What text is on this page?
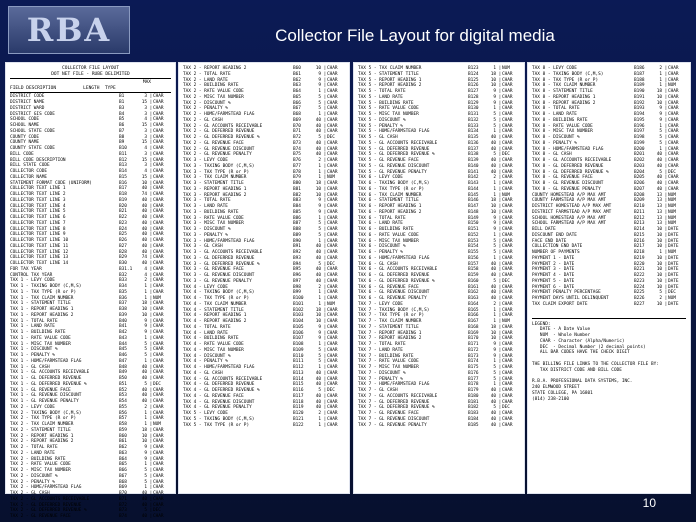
RBA	Collector File Layout for digital media
COLLECTOR FILE LAYOUT
DOT NET FILE - RUBE DELIMITED
MAX
FIELD DESCRIPTION          LENGTH  TYPE
DISTRICT CODE	B1	3 | CHAR
DISTRICT NAME	B1	15 | CHAR
DISTRICT WARD	B3	3 | CHAR
DISTRICT GIS CODE	B4	3 | CHAR
SCHOOL CODE	B5	4 | CHAR
SCHOOL NAME	B6	15 | CHAR
SCHOOL STATE CODE	B7	3 | CHAR
COUNTY CODE	B8	3 | CHAR
COUNTY NAME	B9	15 | CHAR
COUNTY STATE CODE	B10	4 | CHAR
BILL CODE	B11	3 | CHAR
BILL CODE DESCRIPTION	B12	15 | CHAR
BILL STATE CODE	B13	3 | CHAR
COLLECTOR CODE	B14	4 | CHAR
COLLECTOR NAME	B15	15 | CHAR
STATEMENT FORMAT CODE (UNIFORM)	B16	10 | CHAR
COLLECTOR TEXT LINE 1	B17	40 | CHAR
COLLECTOR TEXT LINE 2	B18	74 | CHAR
COLLECTOR TEXT LINE 3	B19	40 | CHAR
COLLECTOR TEXT LINE 4	B20	40 | CHAR
COLLECTOR TEXT LINE 5	B21	40 | CHAR
COLLECTOR TEXT LINE 6	B22	40 | CHAR
COLLECTOR TEXT LINE 7	B23	40 | CHAR
COLLECTOR TEXT LINE 8	B24	40 | CHAR
COLLECTOR TEXT LINE 9	B25	40 | CHAR
COLLECTOR TEXT LINE 10	B26	40 | CHAR
COLLECTOR TEXT LINE 11	B27	40 | CHAR
COLLECTOR TEXT LINE 12	B28	40 | CHAR
COLLECTOR TEXT LINE 13	B29	74 | CHAR
COLLECTOR TEXT LINE 14	B30	40 | CHAR
FOR TAX YEAR	B31.1	4 | CHAR
CONTROL TAX YEAR	B32	4 | CHAR
TAX 1 - LEVY CODE	B33	2 | CHAR
TAX 1 - TAXING BODY (C,M,S)	B34	1 | CHAR
TAX 1 - TAX TYPE (R or P)	B35	1 | CHAR
TAX 1 - TAX CLAIM NUMBER	B36	1 | NUM
TAX 1 - STATEMENT TITLE	B37	18 | CHAR
TAX 1 - REPORT HEADING 1	B38	10 | CHAR
TAX 1 - REPORT HEADING 2	B39	10 | CHAR
TAX 1 - TOTAL RATE	B40	9 | CHAR
TAX 1 - LAND RATE	B41	9 | CHAR
TAX 1 - BUILDING RATE	B42	9 | CHAR
TAX 1 - RATE VALUE CODE	B43	1 | CHAR
TAX 1 - MISC TAX NUMBER	B44	5 | CHAR
TAX 1 - DISCOUNT %	B45	5 | CHAR
TAX 1 - PENALTY %	B46	5 | CHAR
TAX 1 - HOME/FARMSTEAD FLAG	B47	1 | CHAR
TAX 1 - GL CASH	B48	40 | CHAR
TAX 1 - GL ACCOUNTS RECEIVABLE	B49	40 | CHAR
TAX 1 - GL DEFERRED REVENUE	B50	40 | CHAR
TAX 1 - GL DEFERRED REVENUE %	B51	5 | DEC
TAX 1 - GL REVENUE FACE	B52	40 | CHAR
TAX 1 - GL REVENUE DISCOUNT	B53	40 | CHAR
TAX 1 - GL REVENUE PENALTY	B54	40 | CHAR
TAX 2 - LEVY CODE	B55	2 | CHAR
TAX 2 - TAXING BODY (C,M,S)	B56	1 | CHAR
TAX 2 - TAX TYPE (R or P)	B57	1 | CHAR
TAX 2 - TAX CLAIM NUMBER	B58	1 | NUM
TAX 2 - STATEMENT TITLE	B59	18 | CHAR
TAX 2 - REPORT HEADING 1	B60	10 | CHAR
TAX 2 - REPORT HEADING 2	B61	10 | CHAR
TAX 2 - TOTAL RATE	B62	9 | CHAR
TAX 2 - LAND RATE	B63	9 | CHAR
TAX 2 - BUILDING RATE	B64	9 | CHAR
TAX 2 - RATE VALUE CODE	B65	1 | CHAR
TAX 2 - MISC TAX NUMBER	B66	5 | CHAR
TAX 2 - DISCOUNT %	B67	5 | CHAR
TAX 2 - PENALTY %	B68	5 | CHAR
TAX 2 - HOME/FARMSTEAD FLAG	B69	1 | CHAR
TAX 2 - GL CASH	B70	40 | CHAR
TAX 2 - GL ACCOUNTS RECEIVABLE	B71	40 | CHAR
TAX 2 - GL DEFERRED REVENUE	B72	40 | CHAR
TAX 2 - GL DEFERRED REVENUE %	B73	5 | DEC
TAX 2 - GL REVENUE FACE	B74	40 | CHAR
TAX 2 - REPORT HEADING 2	B60	10 | CHAR
TAX 2 - TOTAL RATE	B61	9 | CHAR
TAX 2 - LAND RATE	B62	9 | CHAR
TAX 2 - BUILDING RATE	B63	9 | CHAR
TAX 2 - RATE VALUE CODE	B64	1 | CHAR
TAX 2 - MISC TAX NUMBER	B65	5 | CHAR
TAX 2 - DISCOUNT %	B66	5 | CHAR
TAX 2 - PENALTY %	B67	5 | CHAR
TAX 2 - HOME/FARMSTEAD FLAG	B68	1 | CHAR
TAX 2 - GL CASH	B69	40 | CHAR
TAX 2 - GL ACCOUNTS RECEIVABLE	B70	40 | CHAR
TAX 2 - GL DEFERRED REVENUE	B71	40 | CHAR
TAX 2 - GL DEFERRED REVENUE %	B72	5 | DEC
TAX 2 - GL REVENUE FACE	B73	40 | CHAR
TAX 2 - GL REVENUE DISCOUNT	B74	40 | CHAR
TAX 2 - GL REVENUE PENALTY	B75	40 | CHAR
TAX 3 - LEVY CODE	B76	2 | CHAR
TAX 3 - TAXING BODY (C,M,S)	B77	1 | CHAR
TAX 3 - TAX TYPE (R or P)	B78	1 | CHAR
TAX 3 - TAX CLAIM NUMBER	B79	1 | NUM
TAX 3 - STATEMENT TITLE	B80	18 | CHAR
TAX 3 - REPORT HEADING 1	B81	10 | CHAR
TAX 3 - REPORT HEADING 2	B82	10 | CHAR
TAX 3 - TOTAL RATE	B83	9 | CHAR
TAX 3 - LAND RATE	B84	9 | CHAR
TAX 3 - BUILDING RATE	B85	9 | CHAR
TAX 3 - RATE VALUE CODE	B86	1 | CHAR
TAX 3 - MISC TAX NUMBER	B87	5 | CHAR
TAX 3 - DISCOUNT %	B88	5 | CHAR
TAX 3 - PENALTY %	B89	5 | CHAR
TAX 3 - HOME/FARMSTEAD FLAG	B90	1 | CHAR
TAX 3 - GL CASH	B91	40 | CHAR
TAX 3 - GL ACCOUNTS RECEIVABLE	B92	40 | CHAR
TAX 3 - GL DEFERRED REVENUE	B93	40 | CHAR
TAX 3 - GL DEFERRED REVENUE %	B94	5 | DEC
TAX 3 - GL REVENUE FACE	B95	40 | CHAR
TAX 3 - GL REVENUE DISCOUNT	B96	40 | CHAR
TAX 3 - GL REVENUE PENALTY	B97	40 | CHAR
TAX 4 - LEVY CODE	B98	2 | CHAR
TAX 4 - TAXING BODY (C,M,S)	B99	1 | CHAR
TAX 4 - TAX TYPE (R or P)	B100	1 | CHAR
TAX 4 - TAX CLAIM NUMBER	B101	1 | NUM
TAX 4 - STATEMENT TITLE	B102	18 | CHAR
TAX 4 - REPORT HEADING 1	B103	10 | CHAR
TAX 4 - REPORT HEADING 2	B104	10 | CHAR
TAX 4 - TOTAL RATE	B105	9 | CHAR
TAX 4 - LAND RATE	B106	9 | CHAR
TAX 4 - BUILDING RATE	B107	9 | CHAR
TAX 4 - RATE VALUE CODE	B108	1 | CHAR
TAX 4 - MISC TAX NUMBER	B109	5 | CHAR
TAX 4 - DISCOUNT %	B110	5 | CHAR
TAX 4 - PENALTY %	B111	5 | CHAR
TAX 4 - HOME/FARMSTEAD FLAG	B112	1 | CHAR
TAX 4 - GL CASH	B113	40 | CHAR
TAX 4 - GL ACCOUNTS RECEIVABLE	B114	40 | CHAR
TAX 4 - GL DEFERRED REVENUE	B115	40 | CHAR
TAX 4 - GL DEFERRED REVENUE %	B116	5 | DEC
TAX 4 - GL REVENUE FACE	B117	40 | CHAR
TAX 4 - GL REVENUE DISCOUNT	B118	40 | CHAR
TAX 4 - GL REVENUE PENALTY	B119	40 | CHAR
TAX 5 - LEVY CODE	B120	2 | CHAR
TAX 5 - TAXING BODY (C,M,S)	B121	1 | CHAR
TAX 5 - TAX TYPE (R or P)	B122	1 | CHAR
TAX 5 - TAX CLAIM NUMBER	B123	1 | NUM
TAX 5 - STATEMENT TITLE	B124	18 | CHAR
TAX 5 - REPORT HEADING 1	B125	10 | CHAR
TAX 5 - REPORT HEADING 2	B126	10 | CHAR
TAX 5 - TOTAL RATE	B127	9 | CHAR
TAX 5 - LAND RATE	B128	9 | CHAR
TAX 5 - BUILDING RATE	B129	9 | CHAR
TAX 5 - RATE VALUE CODE	B130	1 | CHAR
TAX 5 - MISC TAX NUMBER	B131	5 | CHAR
TAX 5 - DISCOUNT %	B132	5 | CHAR
TAX 5 - PENALTY %	B133	5 | CHAR
TAX 5 - HOME/FARMSTEAD FLAG	B134	1 | CHAR
TAX 5 - GL CASH	B135	40 | CHAR
TAX 5 - GL ACCOUNTS RECEIVABLE	B136	40 | CHAR
TAX 5 - GL DEFERRED REVENUE	B137	40 | CHAR
TAX 5 - GL DEFERRED REVENUE %	B138	5 | DEC
TAX 5 - GL REVENUE FACE	B139	40 | CHAR
TAX 5 - GL REVENUE DISCOUNT	B140	40 | CHAR
TAX 5 - GL REVENUE PENALTY	B141	40 | CHAR
TAX 6 - LEVY CODE	B142	2 | CHAR
TAX 6 - TAXING BODY (C,M,S)	B143	1 | CHAR
TAX 6 - TAX TYPE (R or P)	B144	1 | CHAR
TAX 6 - TAX CLAIM NUMBER	B145	1 | NUM
TAX 6 - STATEMENT TITLE	B146	18 | CHAR
TAX 6 - REPORT HEADING 1	B147	10 | CHAR
TAX 6 - REPORT HEADING 2	B148	10 | CHAR
TAX 6 - TOTAL RATE	B149	9 | CHAR
TAX 6 - LAND RATE	B150	9 | CHAR
TAX 6 - BUILDING RATE	B151	9 | CHAR
TAX 6 - RATE VALUE CODE	B152	1 | CHAR
TAX 6 - MISC TAX NUMBER	B153	5 | CHAR
TAX 6 - DISCOUNT %	B154	5 | CHAR
TAX 6 - PENALTY %	B155	5 | CHAR
TAX 6 - HOME/FARMSTEAD FLAG	B156	1 | CHAR
TAX 6 - GL CASH	B157	40 | CHAR
TAX 6 - GL ACCOUNTS RECEIVABLE	B158	40 | CHAR
TAX 6 - GL DEFERRED REVENUE	B159	40 | CHAR
TAX 6 - GL DEFERRED REVENUE %	B160	5 | DEC
TAX 6 - GL REVENUE FACE	B161	40 | CHAR
TAX 6 - GL REVENUE DISCOUNT	B162	40 | CHAR
TAX 6 - GL REVENUE PENALTY	B163	40 | CHAR
TAX 7 - LEVY CODE	B164	2 | CHAR
TAX 7 - TAXING BODY (C,M,S)	B165	1 | CHAR
TAX 7 - TAX TYPE (R or P)	B166	1 | CHAR
TAX 7 - TAX CLAIM NUMBER	B167	1 | NUM
TAX 7 - STATEMENT TITLE	B168	18 | CHAR
TAX 7 - REPORT HEADING 1	B169	10 | CHAR
TAX 7 - REPORT HEADING 2	B170	10 | CHAR
TAX 7 - TOTAL RATE	B171	9 | CHAR
TAX 7 - LAND RATE	B172	9 | CHAR
TAX 7 - BUILDING RATE	B173	9 | CHAR
TAX 7 - RATE VALUE CODE	B174	1 | CHAR
TAX 7 - MISC TAX NUMBER	B175	5 | CHAR
TAX 7 - DISCOUNT %	B176	5 | CHAR
TAX 7 - PENALTY %	B177	5 | CHAR
TAX 7 - HOME/FARMSTEAD FLAG	B178	1 | CHAR
TAX 7 - GL CASH	B179	40 | CHAR
TAX 7 - GL ACCOUNTS RECEIVABLE	B180	40 | CHAR
TAX 7 - GL DEFERRED REVENUE	B181	40 | CHAR
TAX 7 - GL DEFERRED REVENUE %	B182	5 | DEC
TAX 7 - GL REVENUE FACE	B183	40 | CHAR
TAX 7 - GL REVENUE DISCOUNT	B184	40 | CHAR
TAX 7 - GL REVENUE PENALTY	B185	40 | CHAR
TAX 8 - LEVY CODE	B186	2 | CHAR
TAX 8 - TAXING BODY (C,M,S)	B187	1 | CHAR
TAX 8 - TAX TYPE (R or P)	B188	1 | CHAR
TAX 8 - TAX CLAIM NUMBER	B189	1 | NUM
TAX 8 - STATEMENT TITLE	B190	18 | CHAR
TAX 8 - REPORT HEADING 1	B191	10 | CHAR
TAX 8 - REPORT HEADING 2	B192	10 | CHAR
TAX 8 - TOTAL RATE	B193	9 | CHAR
TAX 8 - LAND RATE	B194	9 | CHAR
TAX 8 - BUILDING RATE	B195	9 | CHAR
TAX 8 - RATE VALUE CODE	B196	1 | CHAR
TAX 8 - MISC TAX NUMBER	B197	5 | CHAR
TAX 8 - DISCOUNT %	B198	5 | CHAR
TAX 8 - PENALTY %	B199	5 | CHAR
TAX 8 - HOME/FARMSTEAD FLAG	B200	1 | CHAR
TAX 8 - GL CASH	B201	40 | CHAR
TAX 8 - GL ACCOUNTS RECEIVABLE	B202	40 | CHAR
TAX 8 - GL DEFERRED REVENUE	B203	40 | CHAR
TAX 8 - GL DEFERRED REVENUE %	B204	5 | DEC
TAX 8 - GL REVENUE FACE	B205	40 | CHAR
TAX 8 - GL REVENUE DISCOUNT	B206	40 | CHAR
TAX 8 - GL REVENUE PENALTY	B207	40 | CHAR
COUNTY HOMESTEAD A/P MAX AMT	B208	13 | NUM
COUNTY FARMSTEAD A/P MAX AMT	B209	13 | NUM
DISTRICT HOMESTEAD A/P MAX AMT	B210	13 | NUM
DISTRICT FARMSTEAD A/P MAX AMT	B211	13 | NUM
SCHOOL HOMESTEAD A/P MAX AMT	B212	13 | NUM
SCHOOL FARMSTEAD A/P MAX AMT	B213	13 | NUM
BILL DATE	B214	10 | DATE
DISCOUNT END DATE	B215	10 | DATE
FACE END DATE	B216	10 | DATE
COLLECTION END DATE	B217	10 | DATE
NUMBER OF PAYMENTS	B218	1 | NUM
PAYMENT 1 - DATE	B219	10 | DATE
PAYMENT 2 - DATE	B220	10 | DATE
PAYMENT 3 - DATE	B221	10 | DATE
PAYMENT 4 - DATE	B222	10 | DATE
PAYMENT 5 - DATE	B223	10 | DATE
PAYMENT 6 - DATE	B224	10 | DATE
PAYMENT PENALTY PERCENTAGE	B225	5 | DEC
PAYMENT DAYS UNTIL DELINQUENT	B226	2 | NUM
TAX CLAIM EXPORT DATE	B227	10 | DATE
LEGEND:
DATE - A Date Value
NUM  - Whole Number
CHAR - Character (Alpha/Numeric)
DEC  - Decimal Number (2 decimal points)
ALL BAR CODES HAVE THE CHECK DIGIT

THE BILLING FILE LINKS TO THE COLLECTOR FILE BY:
TAX DISTRICT CODE AND BILL CODE

R.B.A. PROFESSIONAL DATA SYSTEMS, INC.
240 ELMWOOD STREET
STATE COLLEGE, PA 16801
(814) 238-2100
10
